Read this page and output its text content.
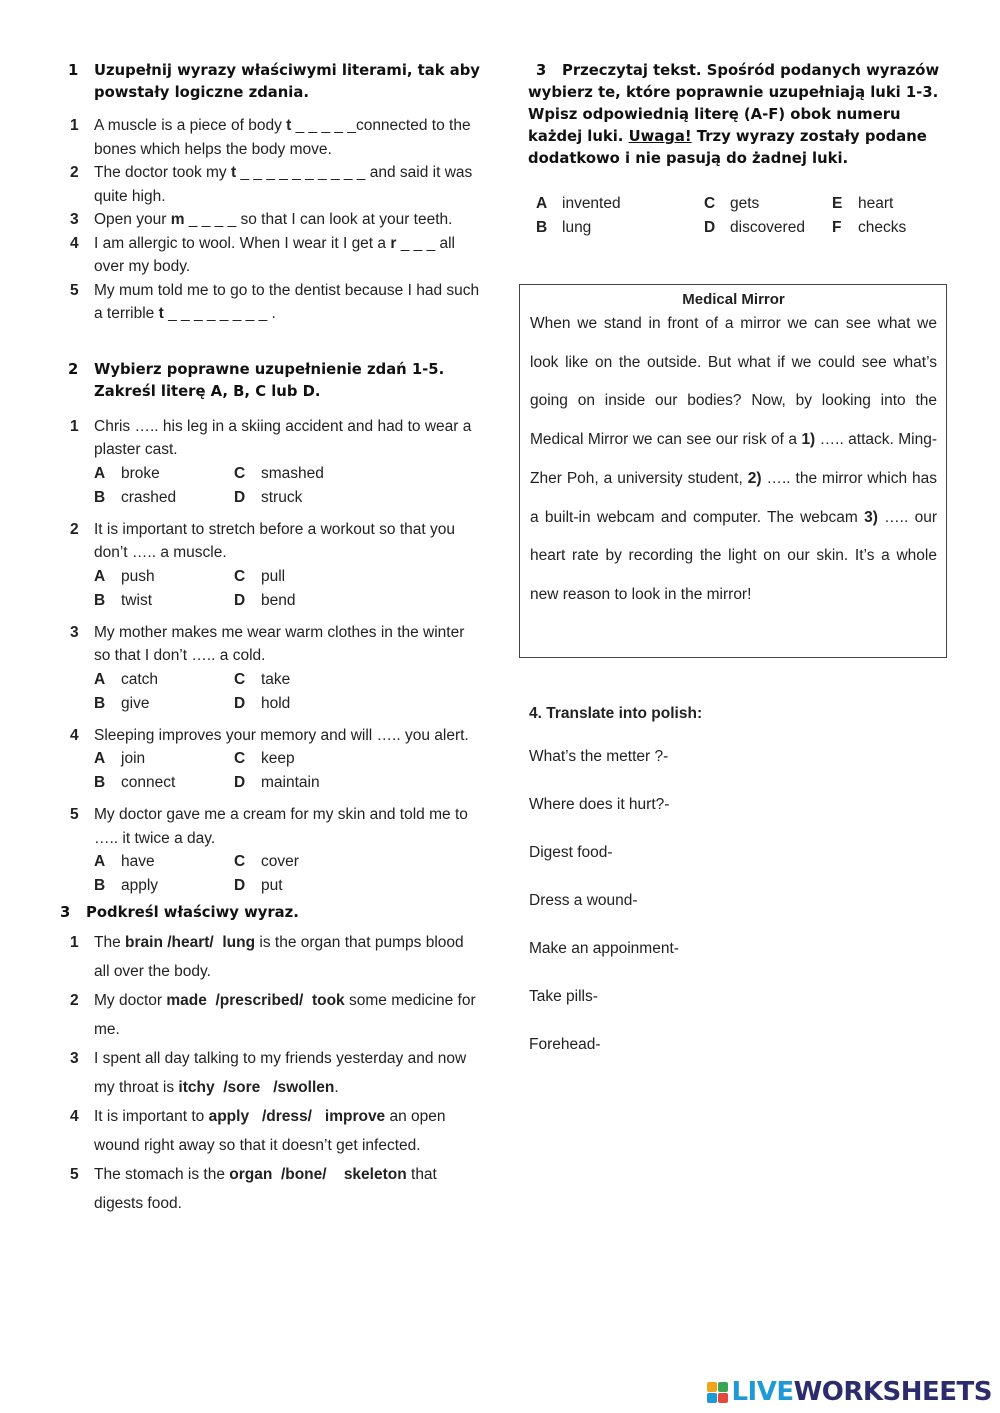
1	Uzupełnij wyrazy właściwymi literami, tak aby powstały logiczne zdania.
1 A muscle is a piece of body t _ _ _ _ _connected to the bones which helps the body move.
2 The doctor took my t _ _ _ _ _ _ _ _ _ _ and said it was quite high.
3 Open your m _ _ _ _ so that I can look at your teeth.
4 I am allergic to wool. When I wear it I get a r _ _ _ all over my body.
5 My mum told me to go to the dentist because I had such a terrible t _ _ _ _ _ _ _ _ .
2	Wybierz poprawne uzupełnienie zdań 1-5. Zakreśl literę A, B, C lub D.
1 Chris ….. his leg in a skiing accident and had to wear a plaster cast.
A broke	C smashed
B crashed	D struck
2 It is important to stretch before a workout so that you don’t ….. a muscle.
A push	C pull
B twist	D bend
3 My mother makes me wear warm clothes in the winter so that I don’t ….. a cold.
A catch	C take
B give	D hold
4 Sleeping improves your memory and will ….. you alert.
A join	C keep
B connect	D maintain
5 My doctor gave me a cream for my skin and told me to ….. it twice a day.
A have	C cover
B apply	D put
3	Podkreśl właściwy wyraz.
1 The brain /heart/  lung is the organ that pumps blood all over the body.
2 My doctor made  /prescribed/  took some medicine for me.
3 I spent all day talking to my friends yesterday and now my throat is itchy  /sore   /swollen.
4 It is important to apply   /dress/   improve an open wound right away so that it doesn’t get infected.
5 The stomach is the organ  /bone/    skeleton that digests food.
3 Przeczytaj tekst. Spośród podanych wyrazów wybierz te, które poprawnie uzupełniają luki 1-3. Wpisz odpowiednią literę (A-F) obok numeru każdej luki. Uwaga! Trzy wyrazy zostały podane dodatkowo i nie pasują do żadnej luki.
A invented	C gets	E heart
B lung	D discovered	F checks
Medical Mirror
When we stand in front of a mirror we can see what we look like on the outside. But what if we could see what’s going on inside our bodies? Now, by looking into the Medical Mirror we can see our risk of a 1) ….. attack. Ming- Zher Poh, a university student, 2) ….. the mirror which has a built-in webcam and computer. The webcam 3) ….. our heart rate by recording the light on our skin. It’s a whole new reason to look in the mirror!
4. Translate into polish:
What’s the metter ?-
Where does it hurt?-
Digest food-
Dress a wound-
Make an appoinment-
Take pills-
Forehead-
LIVEWORKSHEETS
